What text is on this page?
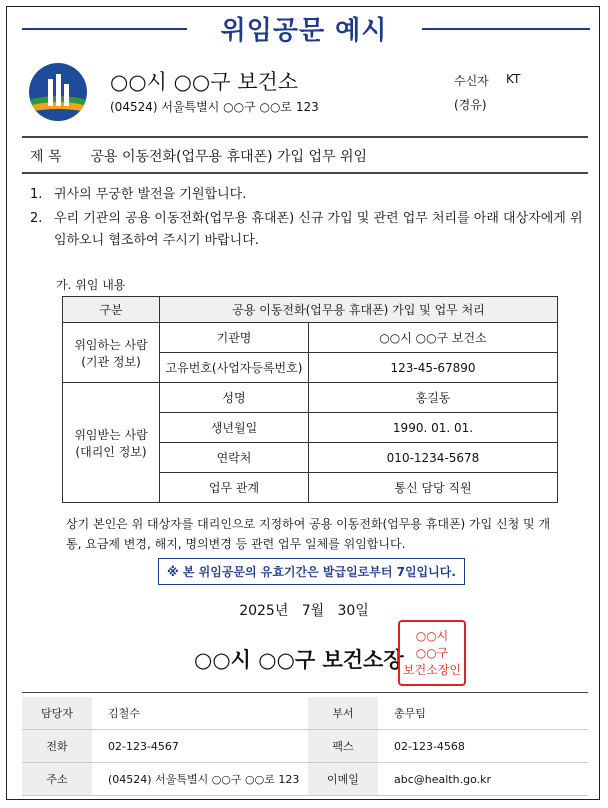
위임공문 예시
○○시 ○○구 보건소
(04524) 서울특별시 ○○구 ○○로 123
수신자 KT
(경유)
제 목 공용 이동전화(업무용 휴대폰) 가입 업무 위임
1. 귀사의 무궁한 발전을 기원합니다.
2. 우리 기관의 공용 이동전화(업무용 휴대폰) 신규 가입 및 관련 업무 처리를 아래 대상자에게 위임하오니 협조하여 주시기 바랍니다.
가. 위임 내용
구분	공용 이동전화(업무용 휴대폰) 가입 및 업무 처리	

위임하는 사람
(기관 정보)	기관명	○○시 ○○구 보건소
	고유번호(사업자등록번호)	123-45-67890

위임받는 사람
(대리인 정보)	성명	홍길동
	생년월일	1990. 01. 01.
	연락처	010-1234-5678
	업무 관계	통신 담당 직원
상기 본인은 위 대상자를 대리인으로 지정하여 공용 이동전화(업무용 휴대폰) 가입 신청 및 개통, 요금제 변경, 해지, 명의변경 등 관련 업무 일체를 위임합니다.
※ 본 위임공문의 유효기간은 발급일로부터 7일입니다.
2025년   7월   30일
○○시 ○○구 보건소장
○○시
○○구
보건소장인
담당자	김철수	부서	총무팀
전화	02-123-4567	팩스	02-123-4568
주소	(04524) 서울특별시 ○○구 ○○로 123	이메일	abc@health.go.kr
